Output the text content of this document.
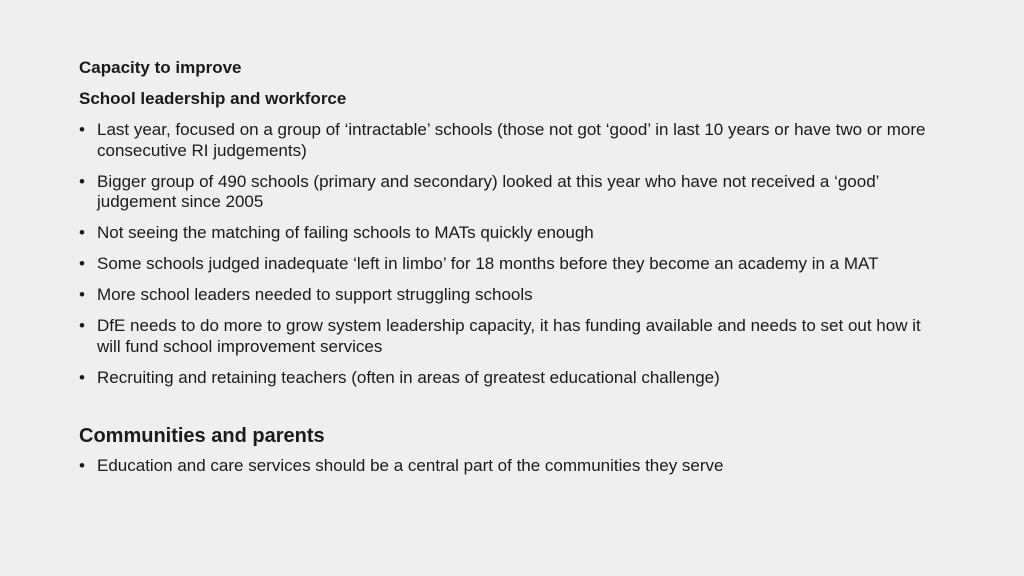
Capacity to improve
School leadership and workforce
• Last year, focused on a group of ‘intractable’ schools (those not got ‘good’ in last 10 years or have two or more consecutive RI judgements)
• Bigger group of 490 schools (primary and secondary) looked at this year who have not received a ‘good’ judgement since 2005
• Not seeing the matching of failing schools to MATs quickly enough
• Some schools judged inadequate ‘left in limbo’ for 18 months before they become an academy in a MAT
• More school leaders needed to support struggling schools
• DfE needs to do more to grow system leadership capacity, it has funding available and needs to set out how it will fund school improvement services
• Recruiting and retaining teachers (often in areas of greatest educational challenge)
Communities and parents
• Education and care services should be a central part of the communities they serve
